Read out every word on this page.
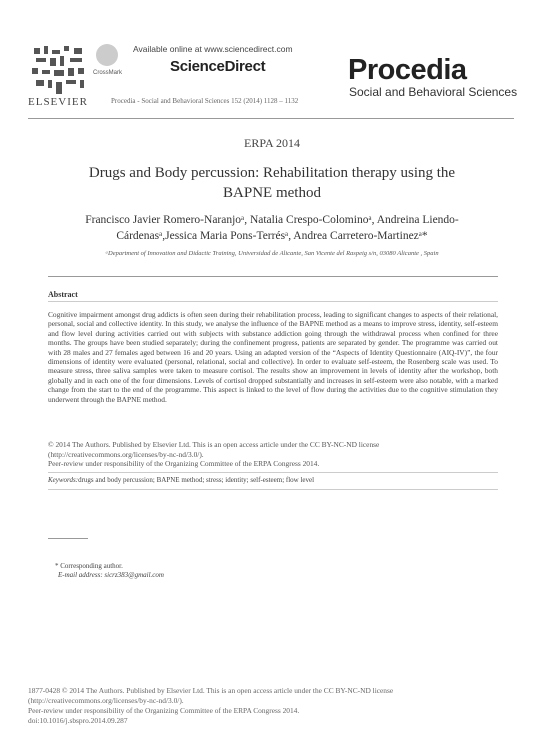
ELSEVIER
CrossMark
Available online at www.sciencedirect.com
ScienceDirect
Procedia - Social and Behavioral Sciences 152 (2014) 1128 – 1132
Procedia
Social and Behavioral Sciences
ERPA 2014
Drugs and Body percussion: Rehabilitation therapy using the
BAPNE method
Francisco Javier Romero-Naranjoᵃ, Natalia Crespo-Colominoᵃ, Andreina Liendo-
Cárdenasᵃ,Jessica Maria Pons-Terrésᵃ, Andrea Carretero-Martinezᵃ*
ᵃDepartment of Innovation and Didactic Training, Universidad de Alicante, San Vicente del Raspeig s/n, 03080 Alicante , Spain
Abstract
Cognitive impairment amongst drug addicts is often seen during their rehabilitation process, leading to significant changes to aspects of their relational, personal, social and collective identity. In this study, we analyse the influence of the BAPNE method as a means to improve stress, identity, self-esteem and flow level during activities carried out with subjects with substance addiction going through the withdrawal process when confined for three months. The groups have been studied separately; during the confinement progress, patients are separated by gender. The programme was carried out with 28 males and 27 females aged between 16 and 20 years. Using an adapted version of the “Aspects of Identity Questionnaire (AIQ-IV)”, the four dimensions of identity were evaluated (personal, relational, social and collective). In order to evaluate self-esteem, the Rosenberg scale was used. To measure stress, three saliva samples were taken to measure cortisol. The results show an improvement in levels of identity after the workshop, both globally and in each one of the four dimensions. Levels of cortisol dropped substantially and increases in self-esteem were also notable, with a marked change from the start to the end of the programme. This aspect is linked to the level of flow during the activities due to the cognitive stimulation they underwent through the BAPNE method.
© 2014 The Authors. Published by Elsevier Ltd. This is an open access article under the CC BY-NC-ND license
(http://creativecommons.org/licenses/by-nc-nd/3.0/).
Peer-review under responsibility of the Organizing Committee of the ERPA Congress 2014.
Keywords:drugs and body percussion; BAPNE method; stress; identity; self-esteem; flow level
* Corresponding author.
E-mail address: sicrz383@gmail.com
1877-0428 © 2014 The Authors. Published by Elsevier Ltd. This is an open access article under the CC BY-NC-ND license
(http://creativecommons.org/licenses/by-nc-nd/3.0/).
Peer-review under responsibility of the Organizing Committee of the ERPA Congress 2014.
doi:10.1016/j.sbspro.2014.09.287
